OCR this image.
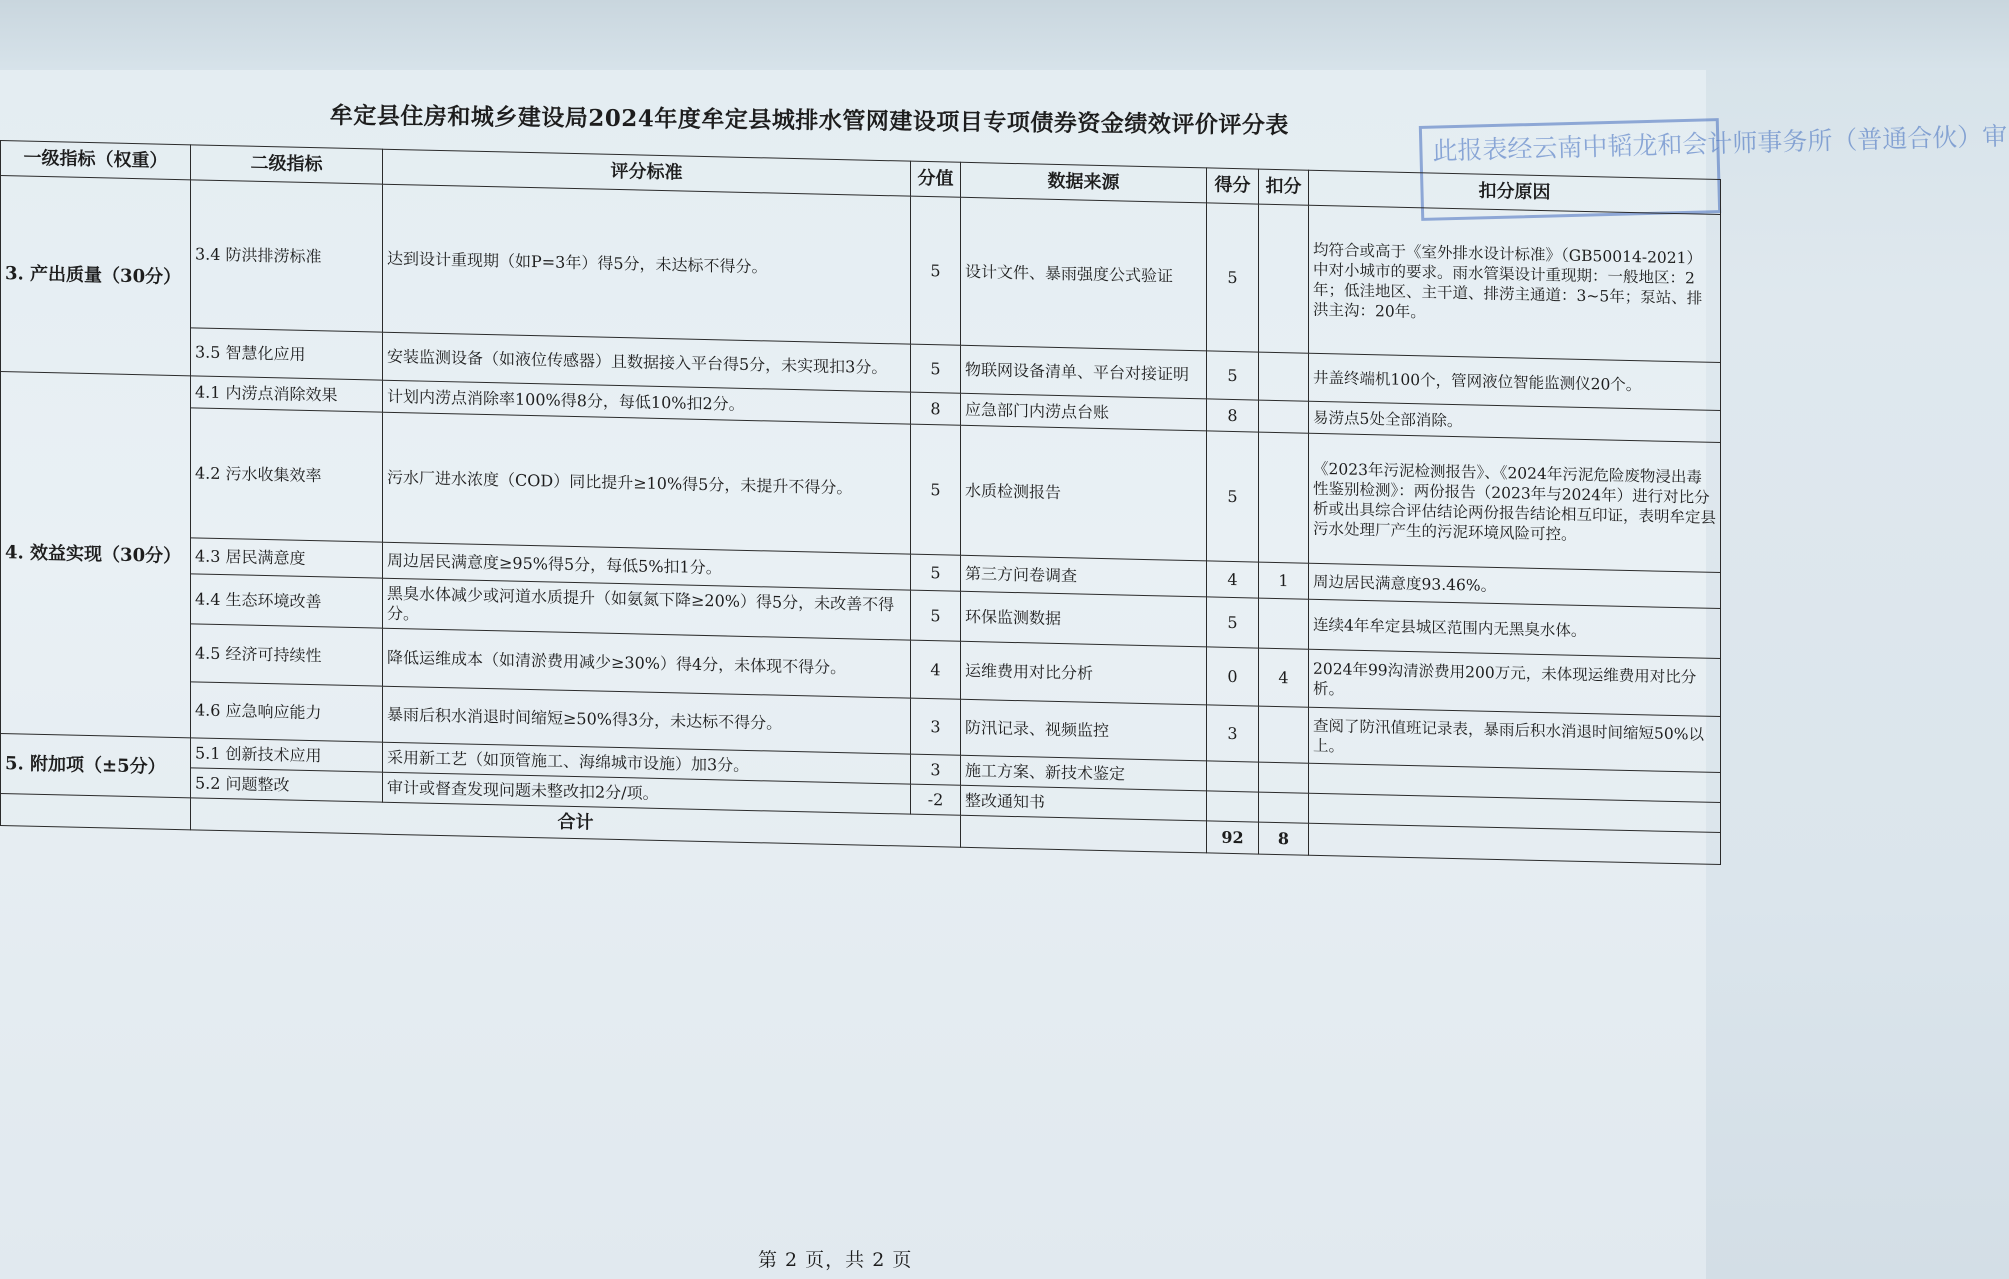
牟定县住房和城乡建设局2024年度牟定县城排水管网建设项目专项债券资金绩效评价评分表
此报表经云南中韬龙和会计师事务所（普通合伙）审
一级指标（权重）	二级指标	评分标准	分值	数据来源	得分	扣分	扣分原因
3. 产出质量（30分）	3.4 防洪排涝标准	达到设计重现期（如P=3年）得5分，未达标不得分。	5	设计文件、暴雨强度公式验证	5		均符合或高于《室外排水设计标准》（GB50014-2021）中对小城市的要求。雨水管渠设计重现期：一般地区：2年；低洼地区、主干道、排涝主通道：3~5年；泵站、排洪主沟：20年。
	3.5 智慧化应用	安装监测设备（如液位传感器）且数据接入平台得5分，未实现扣3分。	5	物联网设备清单、平台对接证明	5		井盖终端机100个，管网液位智能监测仪20个。
4. 效益实现（30分）	4.1 内涝点消除效果	计划内涝点消除率100%得8分，每低10%扣2分。	8	应急部门内涝点台账	8		易涝点5处全部消除。
	4.2 污水收集效率	污水厂进水浓度（COD）同比提升≥10%得5分，未提升不得分。	5	水质检测报告	5		《2023年污泥检测报告》、《2024年污泥危险废物浸出毒性鉴别检测》：两份报告（2023年与2024年）进行对比分析或出具综合评估结论两份报告结论相互印证，表明牟定县污水处理厂产生的污泥环境风险可控。
	4.3 居民满意度	周边居民满意度≥95%得5分，每低5%扣1分。	5	第三方问卷调查	4	1	周边居民满意度93.46%。
	4.4 生态环境改善	黑臭水体减少或河道水质提升（如氨氮下降≥20%）得5分，未改善不得分。	5	环保监测数据	5		连续4年牟定县城区范围内无黑臭水体。
	4.5 经济可持续性	降低运维成本（如清淤费用减少≥30%）得4分，未体现不得分。	4	运维费用对比分析	0	4	2024年99沟清淤费用200万元，未体现运维费用对比分析。
	4.6 应急响应能力	暴雨后积水消退时间缩短≥50%得3分，未达标不得分。	3	防汛记录、视频监控	3		查阅了防汛值班记录表，暴雨后积水消退时间缩短50%以上。
5. 附加项（±5分）	5.1 创新技术应用	采用新工艺（如顶管施工、海绵城市设施）加3分。	3	施工方案、新技术鉴定			
	5.2 问题整改	审计或督查发现问题未整改扣2分/项。	-2	整改通知书			
	合计				92	8	
第 2 页，共 2 页
